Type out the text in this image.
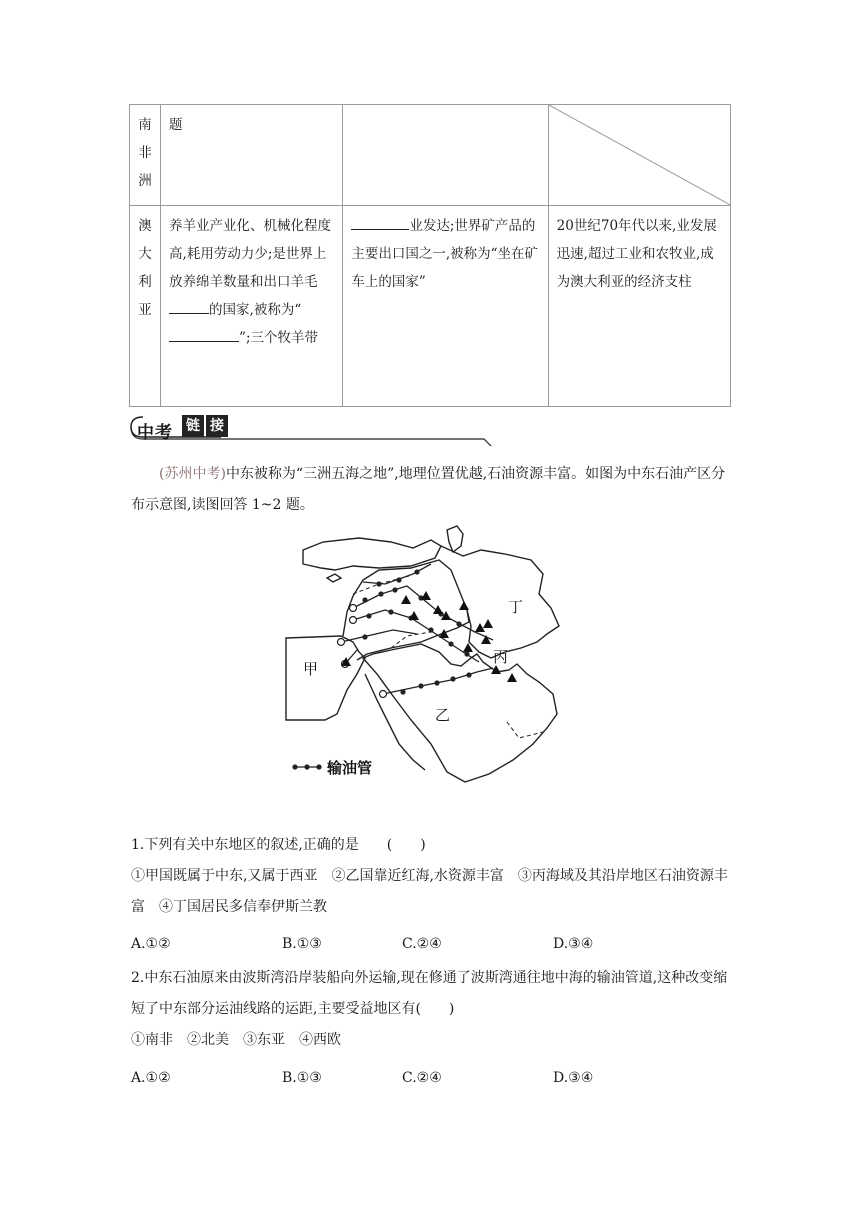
南
非
洲	题		

澳
大
利
亚	养羊业产业化、机械化程度高,耗用劳动力少;是世界上放养绵羊数量和出口羊毛的国家,被称为“”;三个牧羊带	业发达;世界矿产品的主要出口国之一,被称为“坐在矿车上的国家”	20世纪70年代以来,业发展迅速,超过工业和农牧业,成为澳大利亚的经济支柱
中考 链 接
(苏州中考)中东被称为“三洲五海之地”,地理位置优越,石油资源丰富。如图为中东石油产区分布示意图,读图回答 1~2 题。
甲
乙
丙
丁
输油管
1.下列有关中东地区的叙述,正确的是　　(　　)
①甲国既属于中东,又属于西亚　②乙国靠近红海,水资源丰富　③丙海域及其沿岸地区石油资源丰富　④丁国居民多信奉伊斯兰教
A.①②	B.①③	C.②④	D.③④
2.中东石油原来由波斯湾沿岸装船向外运输,现在修通了波斯湾通往地中海的输油管道,这种改变缩短了中东部分运油线路的运距,主要受益地区有(　　)
①南非　②北美　③东亚　④西欧
A.①②	B.①③	C.②④	D.③④
